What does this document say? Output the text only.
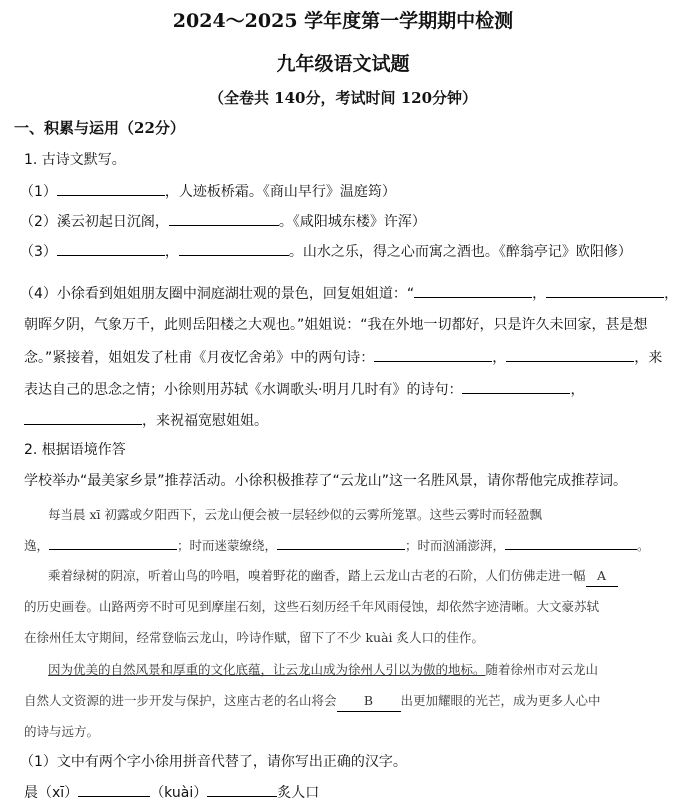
2024～2025 学年度第一学期期中检测
九年级语文试题
（全卷共 140分，考试时间 120分钟）
一、积累与运用（22分）
1. 古诗文默写。
（1）	，人迹板桥霜。《商山早行》温庭筠）
（2）溪云初起日沉阁，	。《咸阳城东楼》许浑）
（3）	，	。山水之乐，得之心而寓之酒也。《醉翁亭记》欧阳修）
（4）小徐看到姐姐朋友圈中洞庭湖壮观的景色，回复姐姐道：“	，	，
朝晖夕阴，气象万千，此则岳阳楼之大观也。”姐姐说：“我在外地一切都好，只是许久未回家，甚是想
念。”紧接着，姐姐发了杜甫《月夜忆舍弟》中的两句诗：	，	，来
表达自己的思念之情；小徐则用苏轼《水调歌头·明月几时有》的诗句：	，
，来祝福宽慰姐姐。
2. 根据语境作答
学校举办“最美家乡景”推荐活动。小徐积极推荐了“云龙山”这一名胜风景，请你帮他完成推荐词。
每当晨 xī 初露或夕阳西下，云龙山便会被一层轻纱似的云雾所笼罩。这些云雾时而轻盈飘
逸，	；时而迷蒙缭绕，	；时而汹涌澎湃，	。
乘着绿树的阴凉，听着山鸟的吟唱，嗅着野花的幽香，踏上云龙山古老的石阶，人们仿佛走进一幅 A
的历史画卷。山路两旁不时可见到摩崖石刻，这些石刻历经千年风雨侵蚀，却依然字迹清晰。大文豪苏轼
在徐州任太守期间，经常登临云龙山，吟诗作赋，留下了不少 kuài 炙人口的佳作。
因为优美的自然风景和厚重的文化底蕴，让云龙山成为徐州人引以为傲的地标。随着徐州市对云龙山
自然人文资源的进一步开发与保护，这座古老的名山将会 B 出更加耀眼的光芒，成为更多人心中
的诗与远方。
（1）文中有两个字小徐用拼音代替了，请你写出正确的汉字。
晨（xī）	（kuài）	炙人口
